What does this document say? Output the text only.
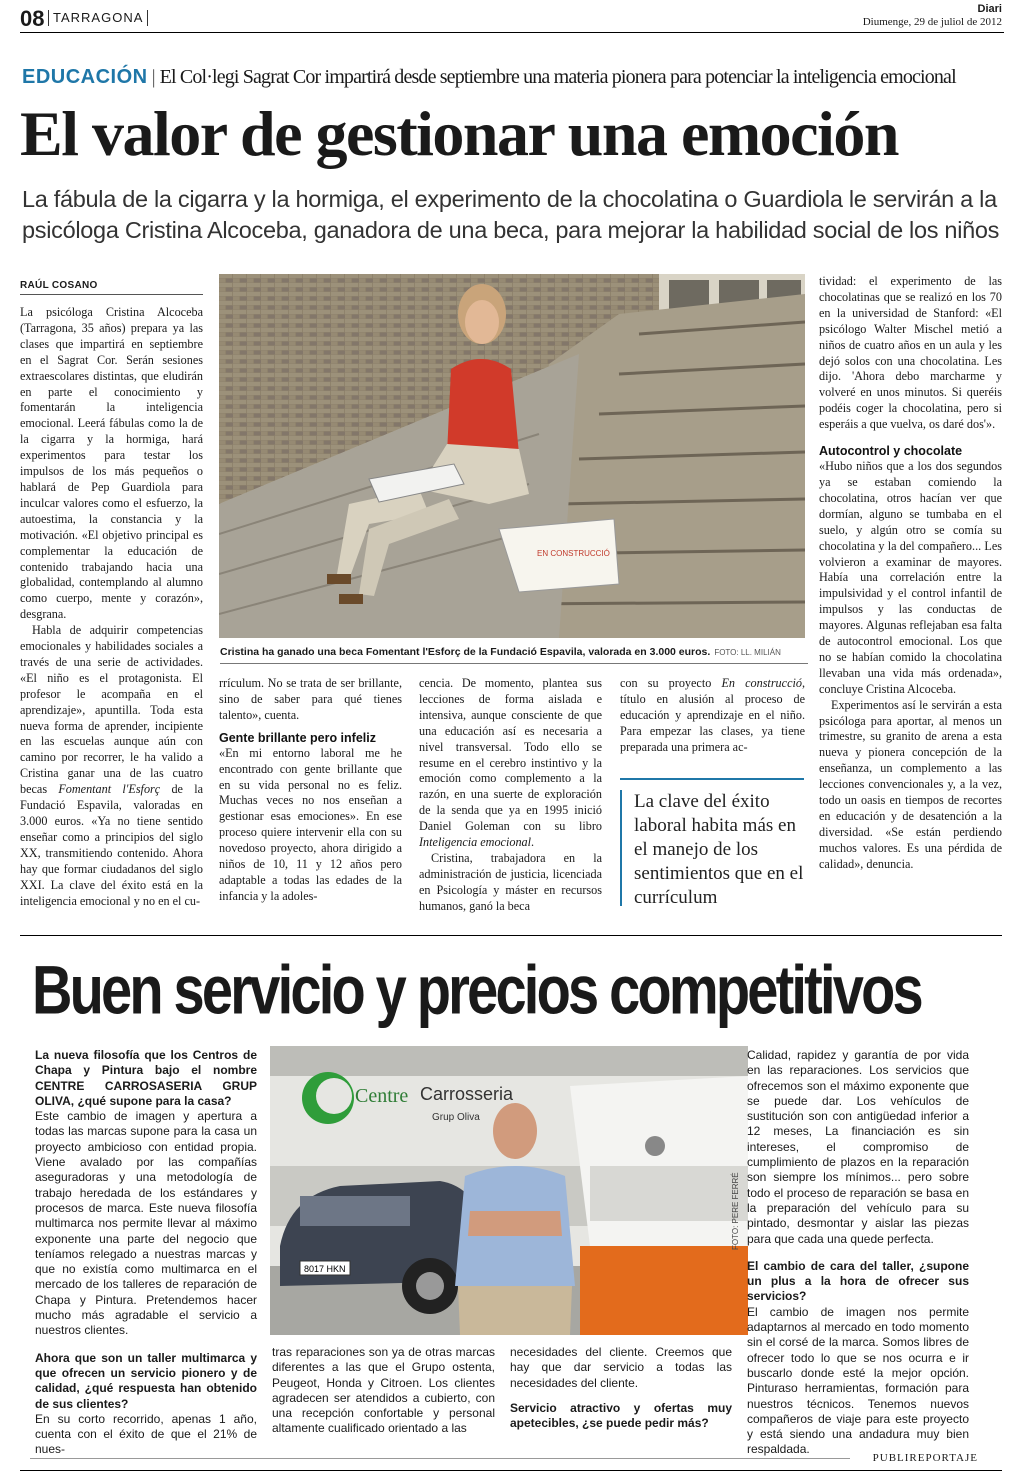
08 TARRAGONA
Diari
Diumenge, 29 de juliol de 2012
EDUCACIÓN | El Col·legi Sagrat Cor impartirá desde septiembre una materia pionera para potenciar la inteligencia emocional
El valor de gestionar una emoción
La fábula de la cigarra y la hormiga, el experimento de la chocolatina o Guardiola le servirán a la psicóloga Cristina Alcoceba, ganadora de una beca, para mejorar la habilidad social de los niños
RAÚL COSANO

La psicóloga Cristina Alcoceba (Tarragona, 35 años) prepara ya las clases que impartirá en septiembre en el Sagrat Cor. Serán sesiones extraescolares distintas, que eludirán en parte el conocimiento y fomentarán la inteligencia emocional. Leerá fábulas como la de la cigarra y la hormiga, hará experimentos para testar los impulsos de los más pequeños o hablará de Pep Guardiola para inculcar valores como el esfuerzo, la autoestima, la constancia y la motivación. «El objetivo principal es complementar la educación de contenido trabajando hacia una globalidad, contemplando al alumno como cuerpo, mente y corazón», desgrana.

Habla de adquirir competencias emocionales y habilidades sociales a través de una serie de actividades. «El niño es el protagonista. El profesor le acompaña en el aprendizaje», apuntilla. Toda esta nueva forma de aprender, incipiente en las escuelas aunque aún con camino por recorrer, le ha valido a Cristina ganar una de las cuatro becas Fomentant l'Esforç de la Fundació Espavila, valoradas en 3.000 euros. «Ya no tiene sentido enseñar como a principios del siglo XX, transmitiendo contenido. Ahora hay que formar ciudadanos del siglo XXI. La clave del éxito está en la inteligencia emocional y no en el cu-

EN CONSTRUCCIÓ
Cristina ha ganado una beca Fomentant l'Esforç de la Fundació Espavila, valorada en 3.000 euros. FOTO: LL. MILIÁN

rrículum. No se trata de ser brillante, sino de saber para qué tienes talento», cuenta.

Gente brillante pero infeliz

«En mi entorno laboral me he encontrado con gente brillante que en su vida personal no es feliz. Muchas veces no nos enseñan a gestionar esas emociones». En ese proceso quiere intervenir ella con su novedoso proyecto, ahora dirigido a niños de 10, 11 y 12 años pero adaptable a todas las edades de la infancia y la adoles-

cencia. De momento, plantea sus lecciones de forma aislada e intensiva, aunque consciente de que una educación así es necesaria a nivel transversal. Todo ello se resume en el cerebro instintivo y la emoción como complemento a la razón, en una suerte de exploración de la senda que ya en 1995 inició Daniel Goleman con su libro Inteligencia emocional.

Cristina, trabajadora en la administración de justicia, licenciada en Psicología y máster en recursos humanos, ganó la beca

con su proyecto En construcció, título en alusión al proceso de educación y aprendizaje en el niño. Para empezar las clases, ya tiene preparada una primera ac-

La clave del éxito laboral habita más en el manejo de los sentimientos que en el currículum

tividad: el experimento de las chocolatinas que se realizó en los 70 en la universidad de Stanford: «El psicólogo Walter Mischel metió a niños de cuatro años en un aula y les dejó solos con una chocolatina. Les dijo. 'Ahora debo marcharme y volveré en unos minutos. Si queréis podéis coger la chocolatina, pero si esperáis a que vuelva, os daré dos'».

Autocontrol y chocolate

«Hubo niños que a los dos segundos ya se estaban comiendo la chocolatina, otros hacían ver que dormían, alguno se tumbaba en el suelo, y algún otro se comía su chocolatina y la del compañero... Les volvieron a examinar de mayores. Había una correlación entre la impulsividad y el control infantil de impulsos y las conductas de mayores. Algunas reflejaban esa falta de autocontrol emocional. Los que no se habían comido la chocolatina llevaban una vida más ordenada», concluye Cristina Alcoceba.

Experimentos así le servirán a esta psicóloga para aportar, al menos un trimestre, su granito de arena a esta nueva y pionera concepción de la enseñanza, un complemento a las lecciones convencionales y, a la vez, todo un oasis en tiempos de recortes en educación y de desatención a la diversidad. «Se están perdiendo muchos valores. Es una pérdida de calidad», denuncia.

Buen servicio y precios competitivos

La nueva filosofía que los Centros de Chapa y Pintura bajo el nombre CENTRE CARROSASERIA GRUP OLIVA, ¿qué supone para la casa?

Este cambio de imagen y apertura a todas las marcas supone para la casa un proyecto ambicioso con entidad propia. Viene avalado por las compañías aseguradoras y una metodología de trabajo heredada de los estándares y procesos de marca. Este nueva filosofía multimarca nos permite llevar al máximo exponente una parte del negocio que teníamos relegado a nuestras marcas y que no existía como multimarca en el mercado de los talleres de reparación de Chapa y Pintura. Pretendemos hacer mucho más agradable el servicio a nuestros clientes.

Ahora que son un taller multimarca y que ofrecen un servicio pionero y de calidad, ¿qué respuesta han obtenido de sus clientes?

En su corto recorrido, apenas 1 año, cuenta con el éxito de que el 21% de nues-

Centre Carrosseria
Grup Oliva
8017 HKN
FOTO: PERE FERRÉ

tras reparaciones son ya de otras marcas diferentes a las que el Grupo ostenta, Peugeot, Honda y Citroen. Los clientes agradecen ser atendidos a cubierto, con una recepción confortable y personal altamente cualificado orientado a las

necesidades del cliente. Creemos que hay que dar servicio a todas las necesidades del cliente.

Servicio atractivo y ofertas muy apetecibles, ¿se puede pedir más?

Calidad, rapidez y garantía de por vida en las reparaciones. Los servicios que ofrecemos son el máximo exponente que se puede dar. Los vehículos de sustitución son con antigüedad inferior a 12 meses, La financiación es sin intereses, el compromiso de cumplimiento de plazos en la reparación son siempre los mínimos... pero sobre todo el proceso de reparación se basa en la preparación del vehículo para su pintado, desmontar y aislar las piezas para que cada una quede perfecta.

El cambio de cara del taller, ¿supone un plus a la hora de ofrecer sus servicios?

El cambio de imagen nos permite adaptarnos al mercado en todo momento sin el corsé de la marca. Somos libres de ofrecer todo lo que se nos ocurra e ir buscarlo donde esté la mejor opción. Pinturaso herramientas, formación para nuestros técnicos. Tenemos nuevos compañeros de viaje para este proyecto y está siendo una andadura muy bien respaldada.

PUBLIREPORTAJE
